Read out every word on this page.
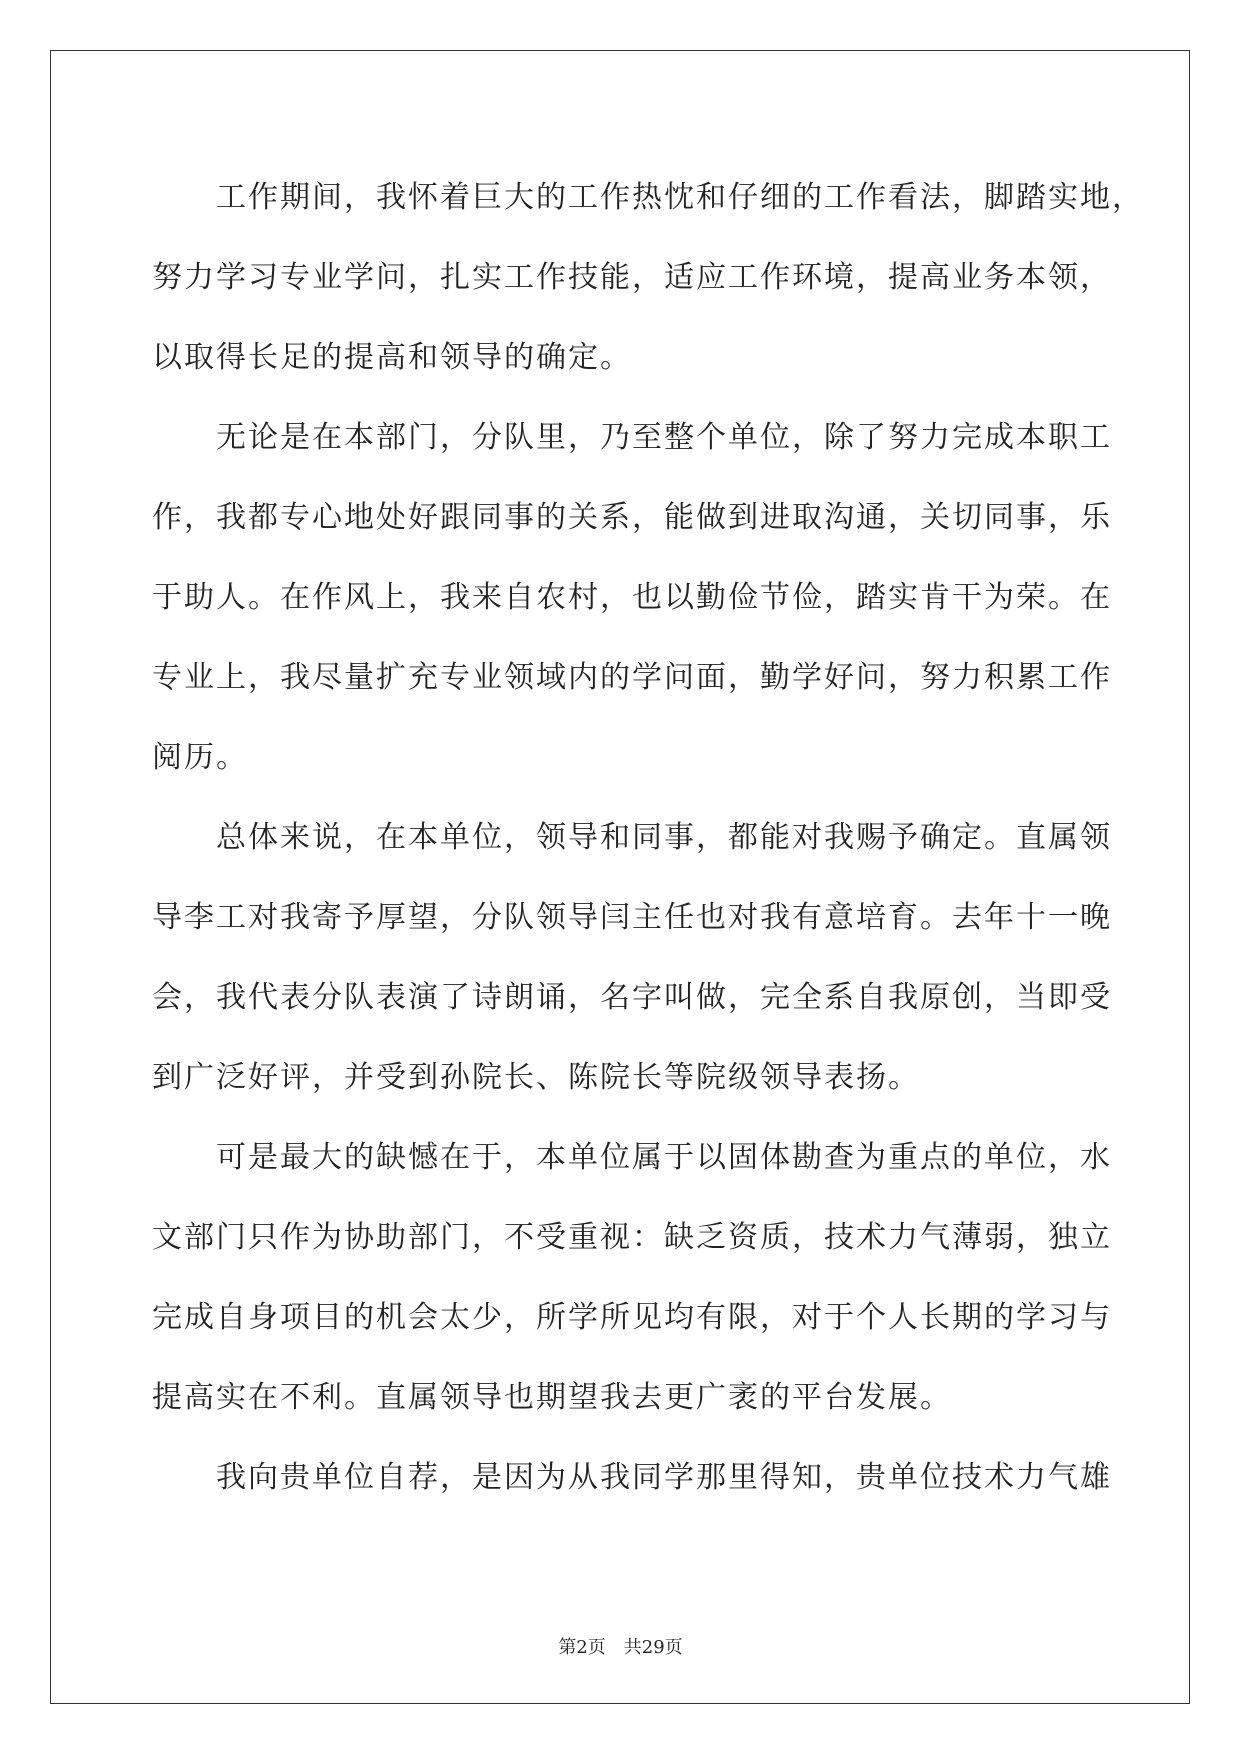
工作期间，我怀着巨大的工作热忱和仔细的工作看法，脚踏实地，
努力学习专业学问，扎实工作技能，适应工作环境，提高业务本领，
以取得长足的提高和领导的确定。
无论是在本部门，分队里，乃至整个单位，除了努力完成本职工
作，我都专心地处好跟同事的关系，能做到进取沟通，关切同事，乐
于助人。在作风上，我来自农村，也以勤俭节俭，踏实肯干为荣。在
专业上，我尽量扩充专业领域内的学问面，勤学好问，努力积累工作
阅历。
总体来说，在本单位，领导和同事，都能对我赐予确定。直属领
导李工对我寄予厚望，分队领导闫主任也对我有意培育。去年十一晚
会，我代表分队表演了诗朗诵，名字叫做，完全系自我原创，当即受
到广泛好评，并受到孙院长、陈院长等院级领导表扬。
可是最大的缺憾在于，本单位属于以固体勘查为重点的单位，水
文部门只作为协助部门，不受重视：缺乏资质，技术力气薄弱，独立
完成自身项目的机会太少，所学所见均有限，对于个人长期的学习与
提高实在不利。直属领导也期望我去更广袤的平台发展。
我向贵单位自荐，是因为从我同学那里得知，贵单位技术力气雄
第2页 共29页
